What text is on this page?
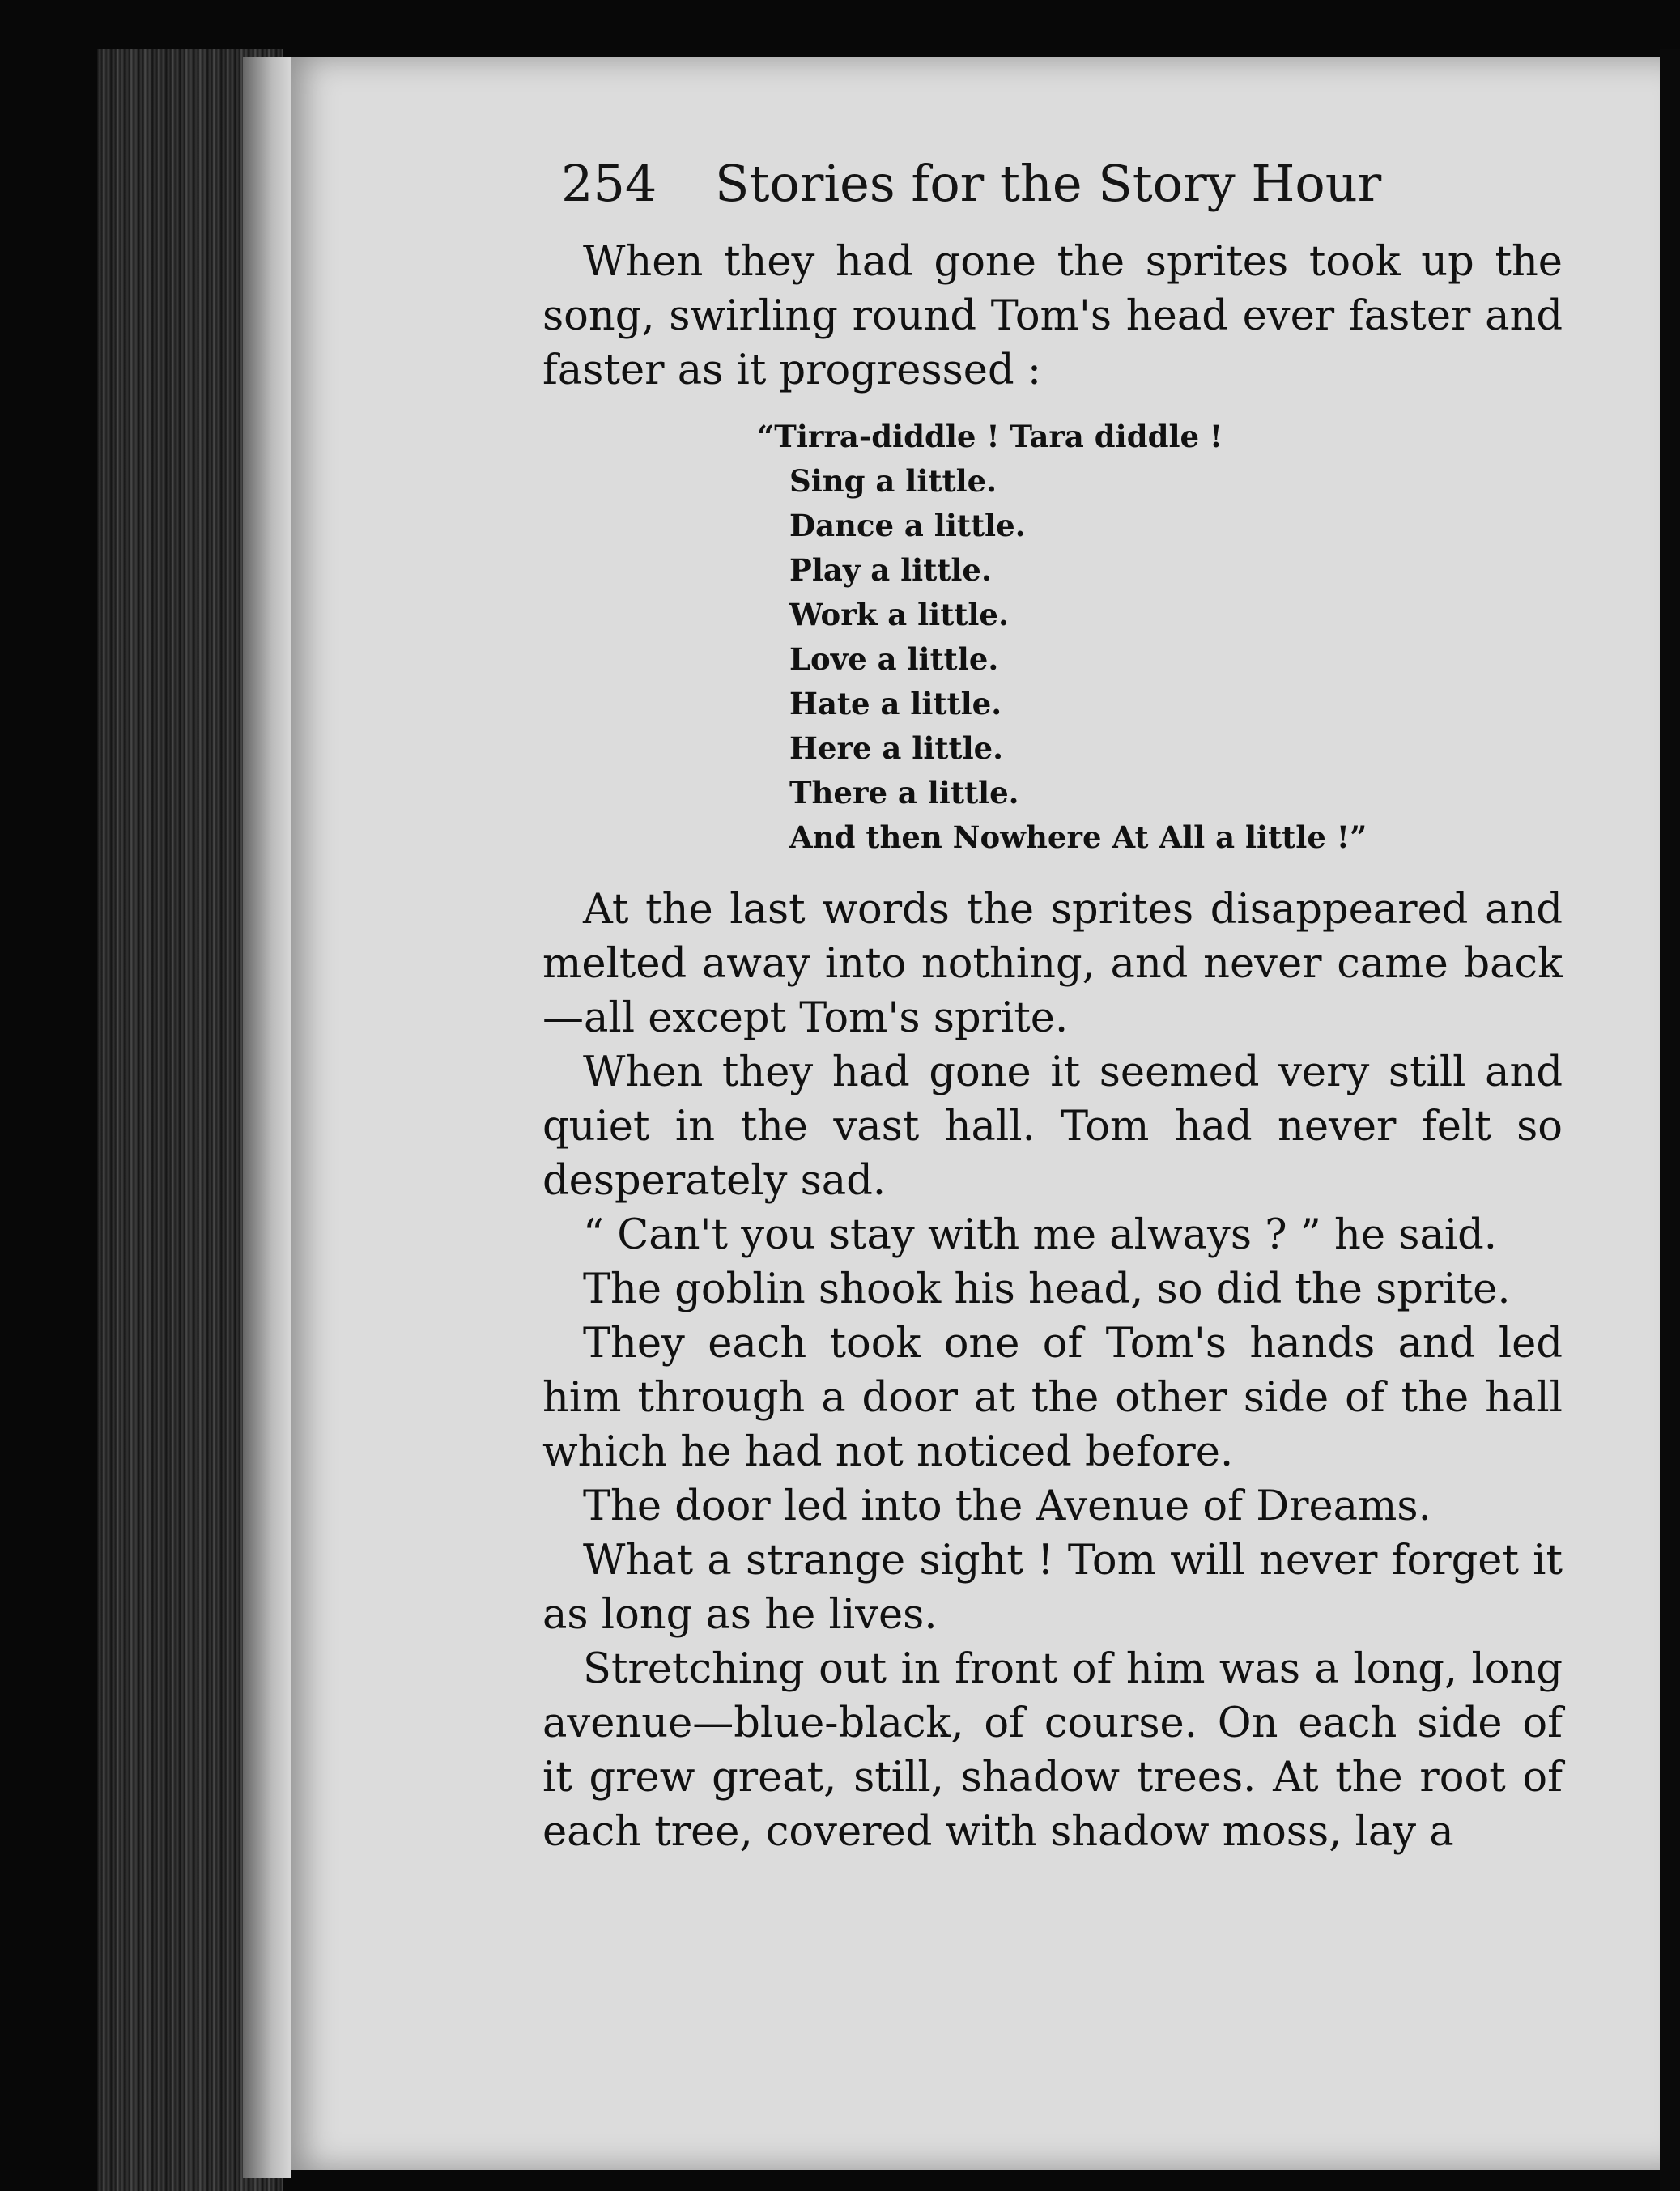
254 Stories for the Story Hour

When they had gone the sprites took up the song, swirling round Tom's head ever faster and faster as it progressed :

“Tirra-diddle ! Tara diddle !
Sing a little.
Dance a little.
Play a little.
Work a little.
Love a little.
Hate a little.
Here a little.
There a little.
And then Nowhere At All a little !”

At the last words the sprites disappeared and melted away into nothing, and never came back —all except Tom's sprite.

When they had gone it seemed very still and quiet in the vast hall. Tom had never felt so desperately sad.

“ Can't you stay with me always ? ” he said.

The goblin shook his head, so did the sprite.

They each took one of Tom's hands and led him through a door at the other side of the hall which he had not noticed before.

The door led into the Avenue of Dreams.

What a strange sight ! Tom will never forget it as long as he lives.

Stretching out in front of him was a long, long avenue—blue-black, of course. On each side of it grew great, still, shadow trees. At the root of each tree, covered with shadow moss, lay a
